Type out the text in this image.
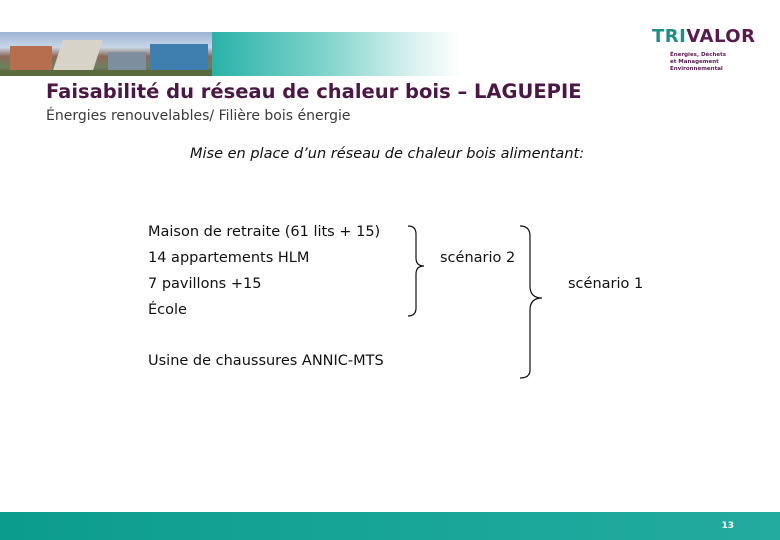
TRIVALOR
Énergies, Déchets
et Management
Environnemental
Faisabilité du réseau de chaleur bois – LAGUEPIE
Énergies renouvelables/ Filière bois énergie
Mise en place d’un réseau de chaleur bois alimentant:
Maison de retraite (61 lits + 15)
14 appartements HLM
7 pavillons +15
École
Usine de chaussures ANNIC-MTS
scénario 2
scénario 1
13
